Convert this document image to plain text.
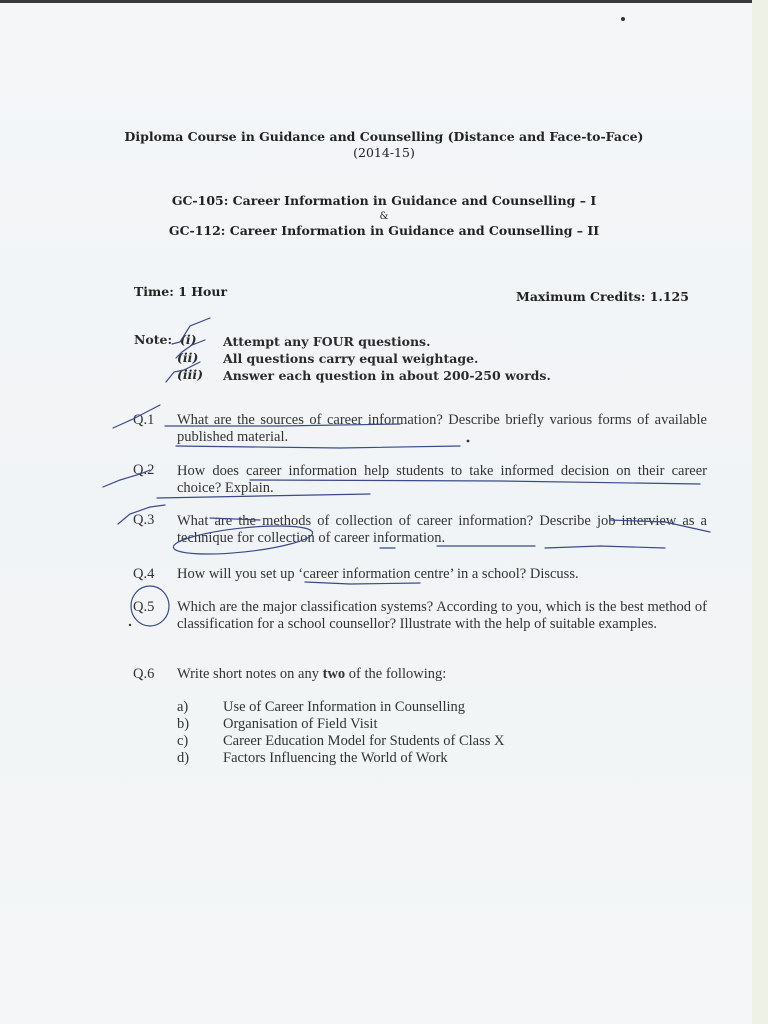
Diploma Course in Guidance and Counselling (Distance and Face-to-Face)
(2014-15)
GC-105: Career Information in Guidance and Counselling – I
&
GC-112: Career Information in Guidance and Counselling – II
Time: 1 Hour	Maximum Credits: 1.125
Note: (i) Attempt any FOUR questions.
(ii) All questions carry equal weightage.
(iii) Answer each question in about 200-250 words.
Q.1 What are the sources of career information? Describe briefly various forms of available published material.
Q.2 How does career information help students to take informed decision on their career choice? Explain.
Q.3 What are the methods of collection of career information? Describe job interview as a technique for collection of career information.
Q.4 How will you set up ‘career information centre’ in a school? Discuss.
Q.5 Which are the major classification systems? According to you, which is the best method of classification for a school counsellor? Illustrate with the help of suitable examples.
Q.6 Write short notes on any two of the following:
a) Use of Career Information in Counselling
b) Organisation of Field Visit
c) Career Education Model for Students of Class X
d) Factors Influencing the World of Work
